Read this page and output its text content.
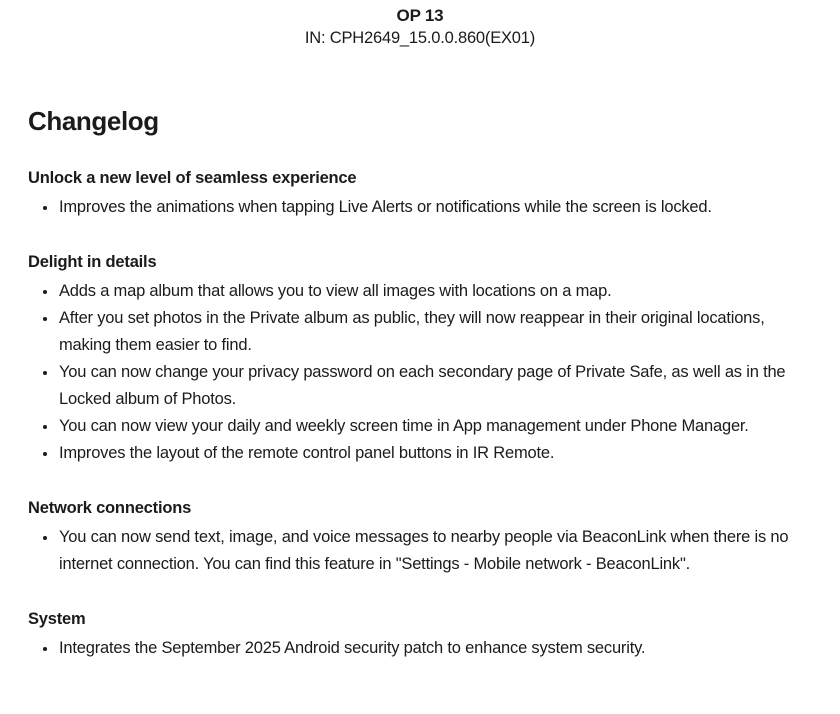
OP 13
IN: CPH2649_15.0.0.860(EX01)
Changelog
Unlock a new level of seamless experience
• Improves the animations when tapping Live Alerts or notifications while the screen is locked.
Delight in details
• Adds a map album that allows you to view all images with locations on a map.
• After you set photos in the Private album as public, they will now reappear in their original locations, making them easier to find.
• You can now change your privacy password on each secondary page of Private Safe, as well as in the Locked album of Photos.
• You can now view your daily and weekly screen time in App management under Phone Manager.
• Improves the layout of the remote control panel buttons in IR Remote.
Network connections
• You can now send text, image, and voice messages to nearby people via BeaconLink when there is no internet connection. You can find this feature in "Settings - Mobile network - BeaconLink".
System
• Integrates the September 2025 Android security patch to enhance system security.
